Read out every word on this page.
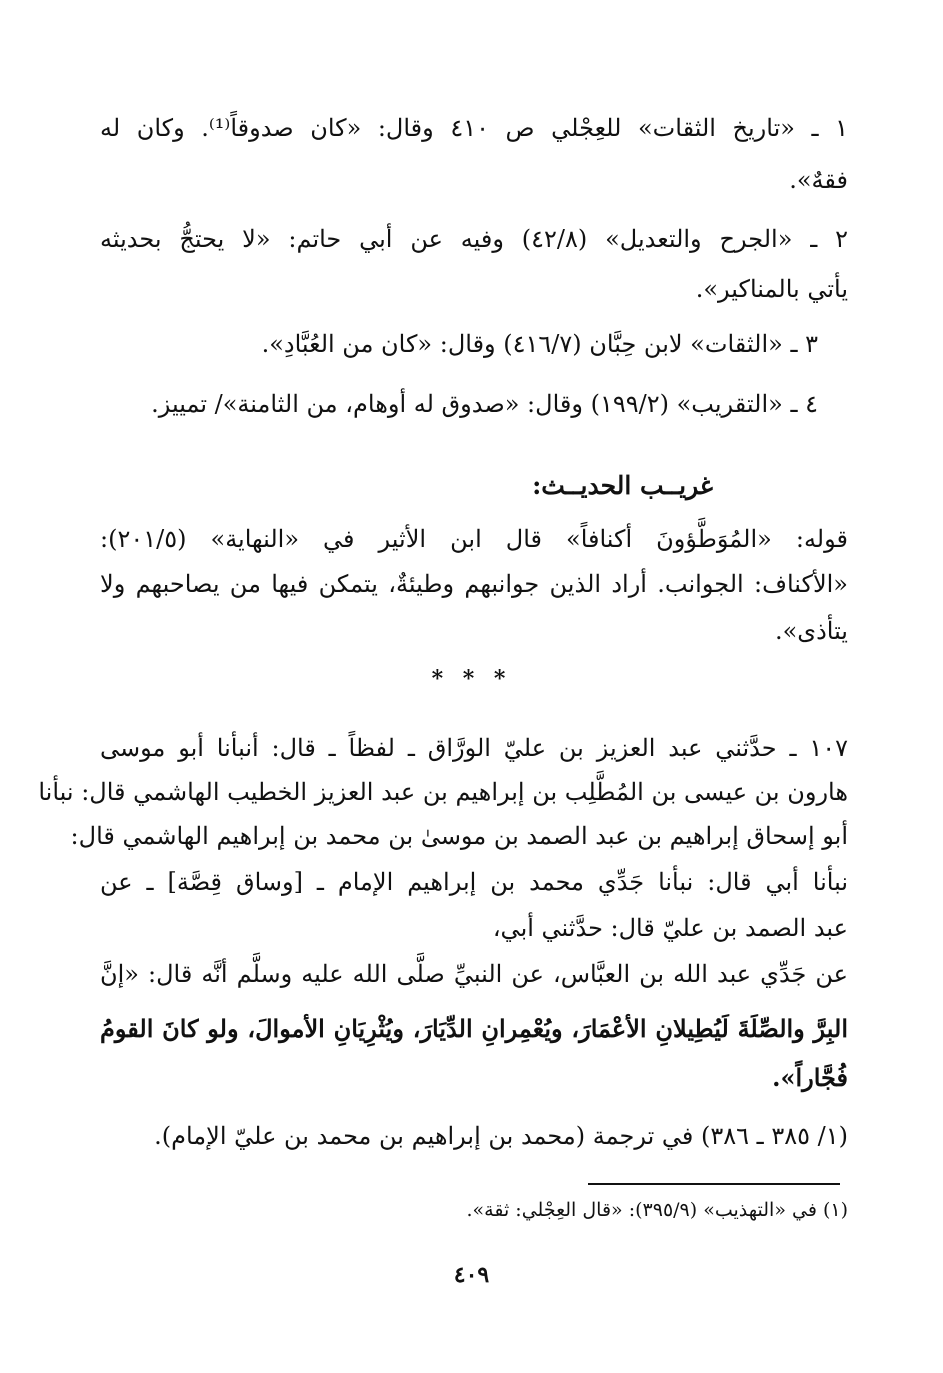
١ ـ «تاريخ الثقات» للعِجْلي ص ٤١٠ وقال: «كان صدوقاً⁽¹⁾. وكان له
فقهٌ».
٢ ـ «الجرح والتعديل» (٤٢/٨) وفيه عن أبي حاتم: «لا يحتجُّ بحديثه
يأتي بالمناكير».
٣ ـ «الثقات» لابن حِبَّان (٤١٦/٧) وقال: «كان من العُبَّادِ».
٤ ـ «التقريب» (١٩٩/٢) وقال: «صدوق له أوهام، من الثامنة»/ تمييز.
غريــب الحديــث:
قوله: «المُوَطَّؤونَ أكنافاً» قال ابن الأثير في «النهاية» (٢٠١/٥):
«الأكناف: الجوانب. أراد الذين جوانبهم وطيئةٌ، يتمكن فيها من يصاحبهم ولا
يتأذى».
* * *
١٠٧ ـ حدَّثني عبد العزيز بن عليّ الورَّاق ـ لفظاً ـ قال: أنبأنا أبو موسى
هارون بن عيسى بن المُطَّلِب بن إبراهيم بن عبد العزيز الخطيب الهاشمي قال: نبأنا
أبو إسحاق إبراهيم بن عبد الصمد بن موسىٰ بن محمد بن إبراهيم الهاشمي قال:
نبأنا أبي قال: نبأنا جَدِّي محمد بن إبراهيم الإمام ـ [وساق قِصَّة] ـ عن
عبد الصمد بن عليّ قال: حدَّثني أبي،
عن جَدِّي عبد الله بن العبَّاس، عن النبيِّ صلَّى الله عليه وسلَّم أنَّه قال: «إنَّ
البِرَّ والصِّلَةَ لَيُطِيلانِ الأعْمَارَ، ويُعْمِرانِ الدِّيَارَ، ويُثْرِيَانِ الأموالَ، ولو كانَ القومُ
فُجَّاراً».
(١/ ٣٨٥ ـ ٣٨٦) في ترجمة (محمد بن إبراهيم بن محمد بن عليّ الإمام).
(١) في «التهذيب» (٣٩٥/٩): «قال العِجْلي: ثقة».
٤٠٩
